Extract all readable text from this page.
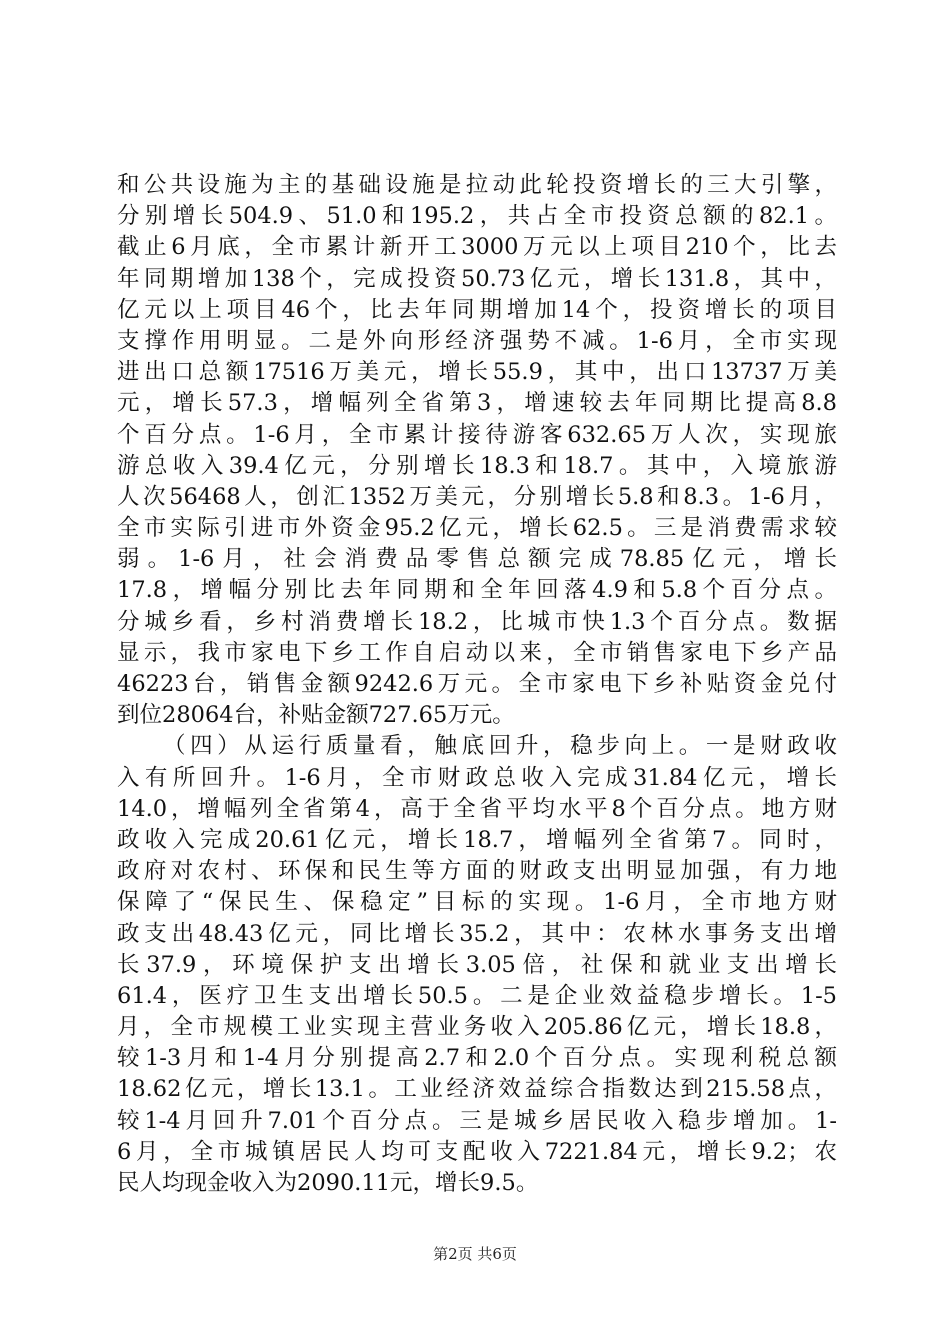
和公共设施为主的基础设施是拉动此轮投资增长的三大引擎，
分别增长504.9、51.0和195.2，共占全市投资总额的82.1。
截止6月底，全市累计新开工3000万元以上项目210个，比去
年同期增加138个，完成投资50.73亿元，增长131.8，其中，
亿元以上项目46个，比去年同期增加14个，投资增长的项目
支撑作用明显。二是外向形经济强势不减。1-6月，全市实现
进出口总额17516万美元，增长55.9，其中，出口13737万美
元，增长57.3，增幅列全省第3，增速较去年同期比提高8.8
个百分点。1-6月，全市累计接待游客632.65万人次，实现旅
游总收入39.4亿元，分别增长18.3和18.7。其中，入境旅游
人次56468人，创汇1352万美元，分别增长5.8和8.3。1-6月，
全市实际引进市外资金95.2亿元，增长62.5。三是消费需求较
弱。1-6月，社会消费品零售总额完成78.85亿元，增长
17.8，增幅分别比去年同期和全年回落4.9和5.8个百分点。
分城乡看，乡村消费增长18.2，比城市快1.3个百分点。数据
显示，我市家电下乡工作自启动以来，全市销售家电下乡产品
46223台，销售金额9242.6万元。全市家电下乡补贴资金兑付
到位28064台，补贴金额727.65万元。
（四）从运行质量看，触底回升，稳步向上。一是财政收
入有所回升。1-6月，全市财政总收入完成31.84亿元，增长
14.0，增幅列全省第4，高于全省平均水平8个百分点。地方财
政收入完成20.61亿元，增长18.7，增幅列全省第7。同时，
政府对农村、环保和民生等方面的财政支出明显加强，有力地
保障了“保民生、保稳定”目标的实现。1-6月，全市地方财
政支出48.43亿元，同比增长35.2，其中：农林水事务支出增
长37.9，环境保护支出增长3.05倍，社保和就业支出增长
61.4，医疗卫生支出增长50.5。二是企业效益稳步增长。1-5
月，全市规模工业实现主营业务收入205.86亿元，增长18.8，
较1-3月和1-4月分别提高2.7和2.0个百分点。实现利税总额
18.62亿元，增长13.1。工业经济效益综合指数达到215.58点，
较1-4月回升7.01个百分点。三是城乡居民收入稳步增加。1-
6月，全市城镇居民人均可支配收入7221.84元，增长9.2；农
民人均现金收入为2090.11元，增长9.5。
第2页 共6页
